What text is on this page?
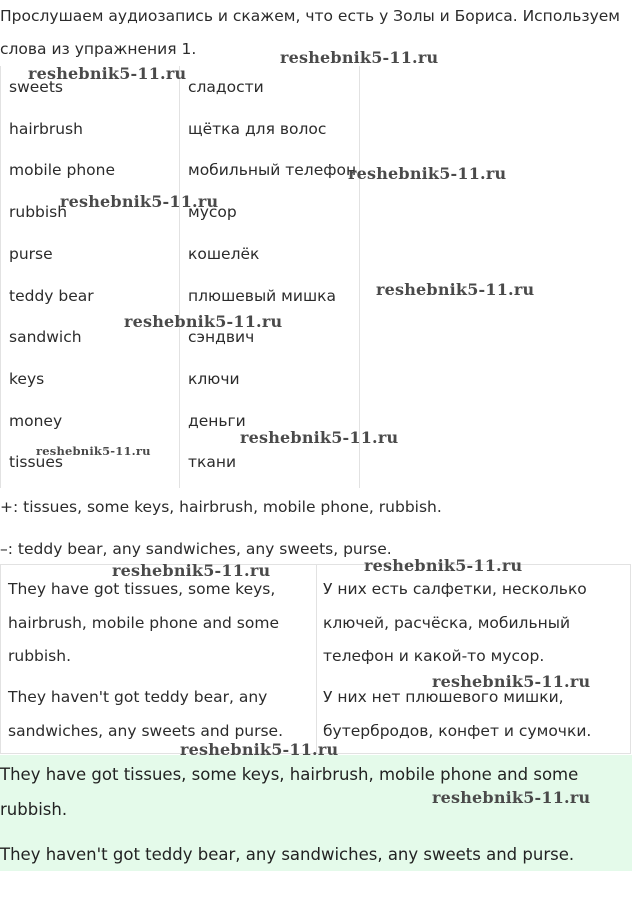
Прослушаем аудиозапись и скажем, что есть у Золы и Бориса. Используем слова из упражнения 1.
sweets	сладости
hairbrush	щётка для волос
mobile phone	мобильный телефон
rubbish	мусор
purse	кошелёк
teddy bear	плюшевый мишка
sandwich	сэндвич
keys	ключи
money	деньги
tissues	ткани
+: tissues, some keys, hairbrush, mobile phone, rubbish.
–: teddy bear, any sandwiches, any sweets, purse.
They have got tissues, some keys, hairbrush, mobile phone and some rubbish.
У них есть салфетки, несколько ключей, расчёска, мобильный телефон и какой-то мусор.
They haven't got teddy bear, any sandwiches, any sweets and purse.
У них нет плюшевого мишки, бутербродов, конфет и сумочки.
They have got tissues, some keys, hairbrush, mobile phone and some rubbish.
They haven't got teddy bear, any sandwiches, any sweets and purse.
reshebnik5-11.ru
reshebnik5-11.ru
reshebnik5-11.ru
reshebnik5-11.ru
reshebnik5-11.ru
reshebnik5-11.ru
reshebnik5-11.ru
reshebnik5-11.ru
reshebnik5-11.ru
reshebnik5-11.ru
reshebnik5-11.ru
reshebnik5-11.ru
reshebnik5-11.ru
